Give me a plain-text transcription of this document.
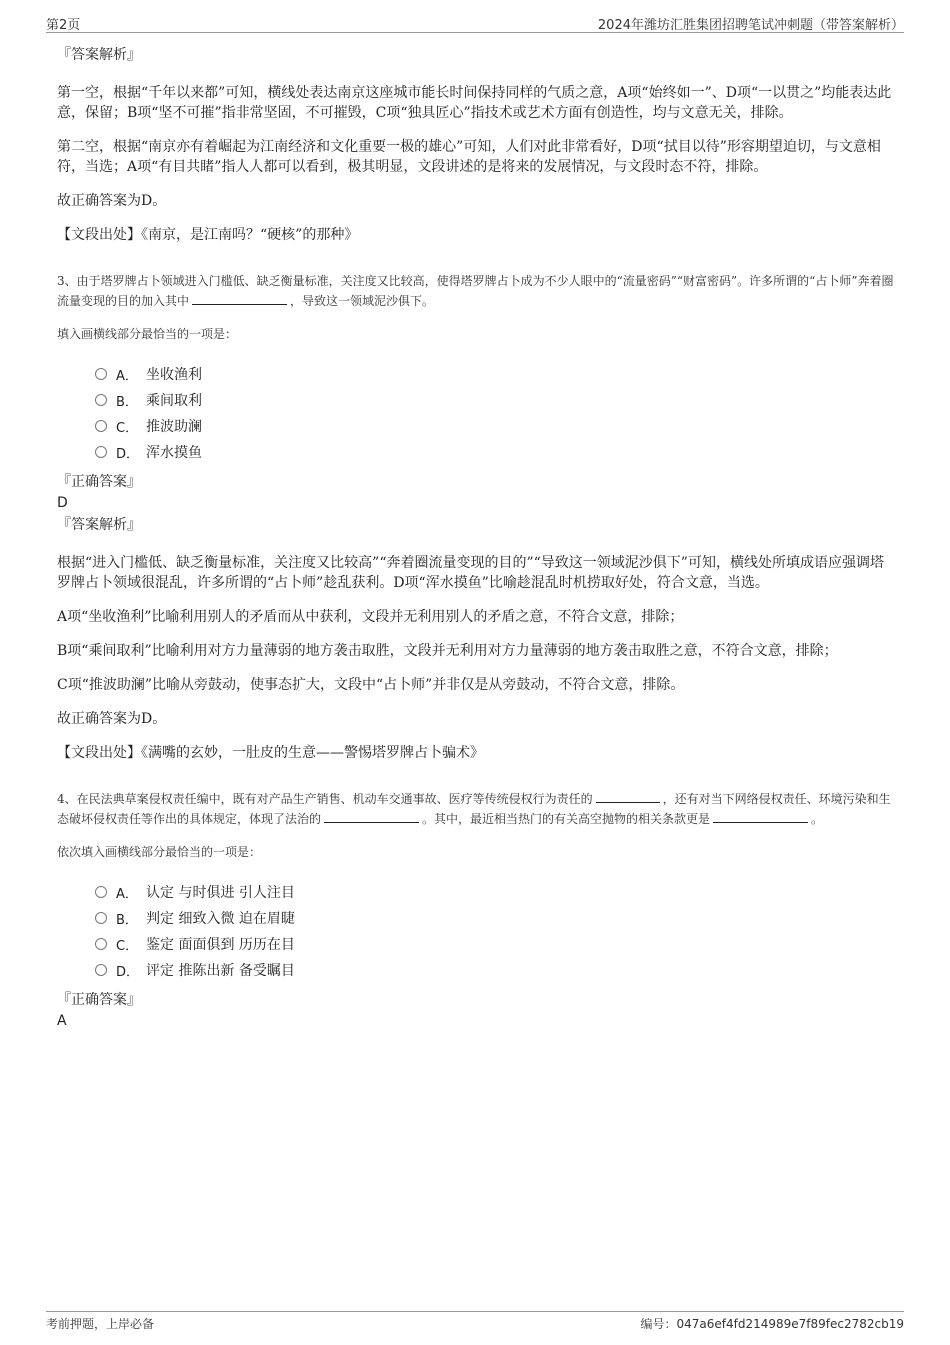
第2页	2024年潍坊汇胜集团招聘笔试冲刺题（带答案解析）
『答案解析』

第一空，根据“千年以来都”可知，横线处表达南京这座城市能长时间保持同样的气质之意，A项“始终如一”、D项“一以贯之”均能表达此意，保留；B项“坚不可摧”指非常坚固，不可摧毁，C项“独具匠心”指技术或艺术方面有创造性，均与文意无关，排除。

第二空，根据“南京亦有着崛起为江南经济和文化重要一极的雄心”可知，人们对此非常看好，D项“拭目以待”形容期望迫切，与文意相符，当选；A项“有目共睹”指人人都可以看到，极其明显，文段讲述的是将来的发展情况，与文段时态不符，排除。

故正确答案为D。

【文段出处】《南京，是江南吗？“硬核”的那种》

3、由于塔罗牌占卜领域进入门槛低、缺乏衡量标准，关注度又比较高，使得塔罗牌占卜成为不少人眼中的“流量密码”“财富密码”。许多所谓的“占卜师”奔着圈流量变现的目的加入其中	，导致这一领域泥沙俱下。

填入画横线部分最恰当的一项是：

A． 坐收渔利
B． 乘间取利
C． 推波助澜
D． 浑水摸鱼
『正确答案』
D
『答案解析』

根据“进入门槛低、缺乏衡量标准，关注度又比较高”“奔着圈流量变现的目的”“导致这一领域泥沙俱下”可知，横线处所填成语应强调塔罗牌占卜领域很混乱，许多所谓的“占卜师”趁乱获利。D项“浑水摸鱼”比喻趁混乱时机捞取好处，符合文意，当选。

A项“坐收渔利”比喻利用别人的矛盾而从中获利，文段并无利用别人的矛盾之意，不符合文意，排除；

B项“乘间取利”比喻利用对方力量薄弱的地方袭击取胜，文段并无利用对方力量薄弱的地方袭击取胜之意，不符合文意，排除；

C项“推波助澜”比喻从旁鼓动，使事态扩大，文段中“占卜师”并非仅是从旁鼓动，不符合文意，排除。

故正确答案为D。

【文段出处】《满嘴的玄妙，一肚皮的生意——警惕塔罗牌占卜骗术》

4、在民法典草案侵权责任编中，既有对产品生产销售、机动车交通事故、医疗等传统侵权行为责任的	，还有对当下网络侵权责任、环境污染和生态破坏侵权责任等作出的具体规定，体现了法治的	。其中，最近相当热门的有关高空抛物的相关条款更是	。

依次填入画横线部分最恰当的一项是：

A． 认定 与时俱进 引人注目
B． 判定 细致入微 迫在眉睫
C． 鉴定 面面俱到 历历在目
D． 评定 推陈出新 备受瞩目
『正确答案』
A
考前押题，上岸必备	编号：047a6ef4fd214989e7f89fec2782cb19
